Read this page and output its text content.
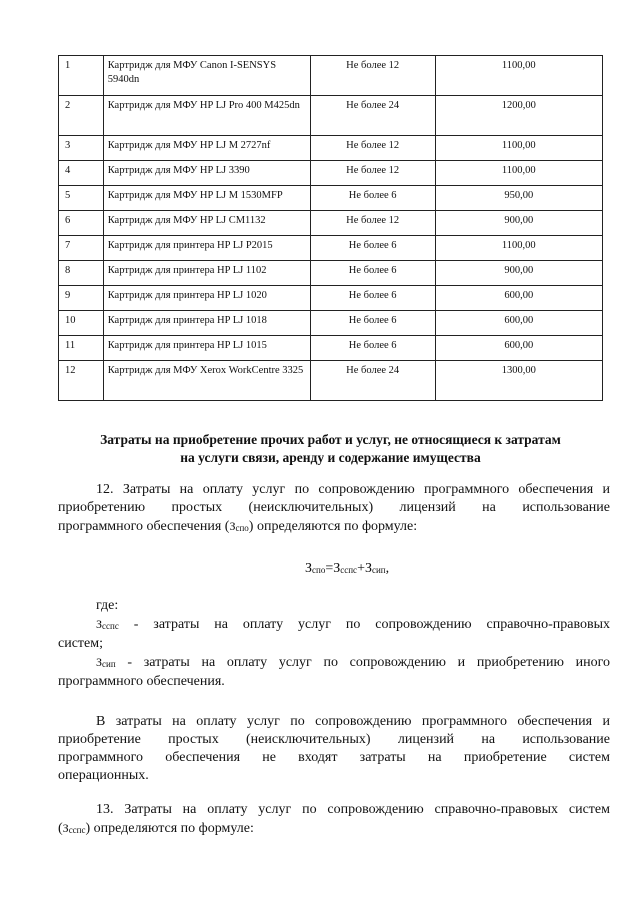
1	Картридж для МФУ Canon I-SENSYS 5940dn	Не более 12	1100,00
2	Картридж для МФУ HP LJ Pro 400 M425dn	Не более 24	1200,00
3	Картридж для МФУ HP LJ M 2727nf	Не более 12	1100,00
4	Картридж для МФУ HP LJ 3390	Не более 12	1100,00
5	Картридж для МФУ HP LJ M 1530MFP	Не более 6	950,00
6	Картридж для МФУ HP LJ CM1132	Не более 12	900,00
7	Картридж для принтера HP LJ P2015	Не более 6	1100,00
8	Картридж для принтера HP LJ 1102	Не более 6	900,00
9	Картридж для принтера HP LJ 1020	Не более 6	600,00
10	Картридж для принтера HP LJ 1018	Не более 6	600,00
11	Картридж для принтера HP LJ 1015	Не более 6	600,00
12	Картридж для МФУ Xerox WorkCentre 3325	Не более 24	1300,00
Затраты на приобретение прочих работ и услуг, не относящиеся к затратам
на услуги связи, аренду и содержание имущества
12. Затраты на оплату услуг по сопровождению программного обеспечения и
приобретению простых (неисключительных) лицензий на использование
программного обеспечения $(З_{спо})$ определяются по формуле:
$З_{спо}=З_{сспс}+З_{сип}$,
где:
$З_{сспс}$ - затраты на оплату услуг по сопровождению справочно-правовых
систем;
$З_{сип}$ - затраты на оплату услуг по сопровождению и приобретению иного
программного обеспечения.
В затраты на оплату услуг по сопровождению программного обеспечения и
приобретение простых (неисключительных) лицензий на использование
программного обеспечения не входят затраты на приобретение систем
операционных.
13. Затраты на оплату услуг по сопровождению справочно-правовых систем
$(З_{сспс})$ определяются по формуле:
